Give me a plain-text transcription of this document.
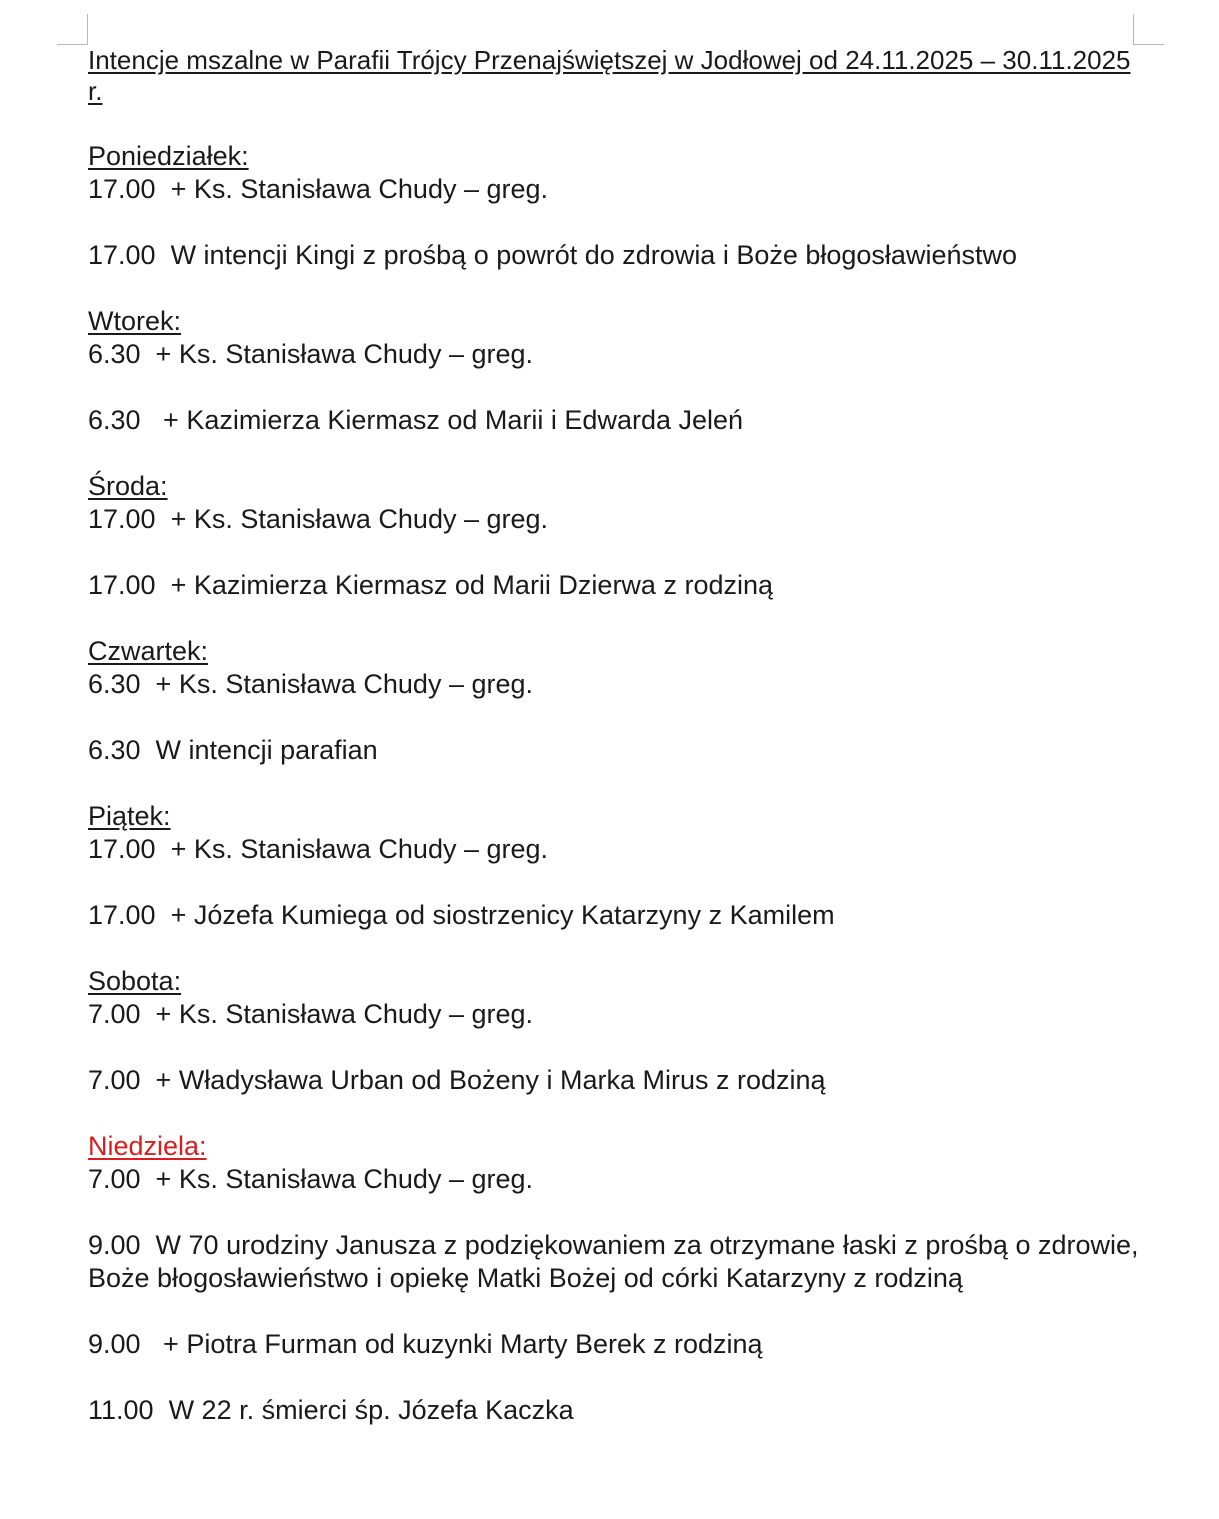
Intencje mszalne w Parafii Trójcy Przenajświętszej w Jodłowej od 24.11.2025 – 30.11.2025 r.

Poniedziałek:
17.00  + Ks. Stanisława Chudy – greg.
17.00  W intencji Kingi z prośbą o powrót do zdrowia i Boże błogosławieństwo
Wtorek:
6.30  + Ks. Stanisława Chudy – greg.
6.30   + Kazimierza Kiermasz od Marii i Edwarda Jeleń
Środa:
17.00  + Ks. Stanisława Chudy – greg.
17.00  + Kazimierza Kiermasz od Marii Dzierwa z rodziną
Czwartek:
6.30  + Ks. Stanisława Chudy – greg.
6.30  W intencji parafian
Piątek:
17.00  + Ks. Stanisława Chudy – greg.
17.00  + Józefa Kumiega od siostrzenicy Katarzyny z Kamilem
Sobota:
7.00  + Ks. Stanisława Chudy – greg.
7.00  + Władysława Urban od Bożeny i Marka Mirus z rodziną
Niedziela:
7.00  + Ks. Stanisława Chudy – greg.
9.00  W 70 urodziny Janusza z podziękowaniem za otrzymane łaski z prośbą o zdrowie, Boże błogosławieństwo i opiekę Matki Bożej od córki Katarzyny z rodziną
9.00   + Piotra Furman od kuzynki Marty Berek z rodziną
11.00  W 22 r. śmierci śp. Józefa Kaczka
